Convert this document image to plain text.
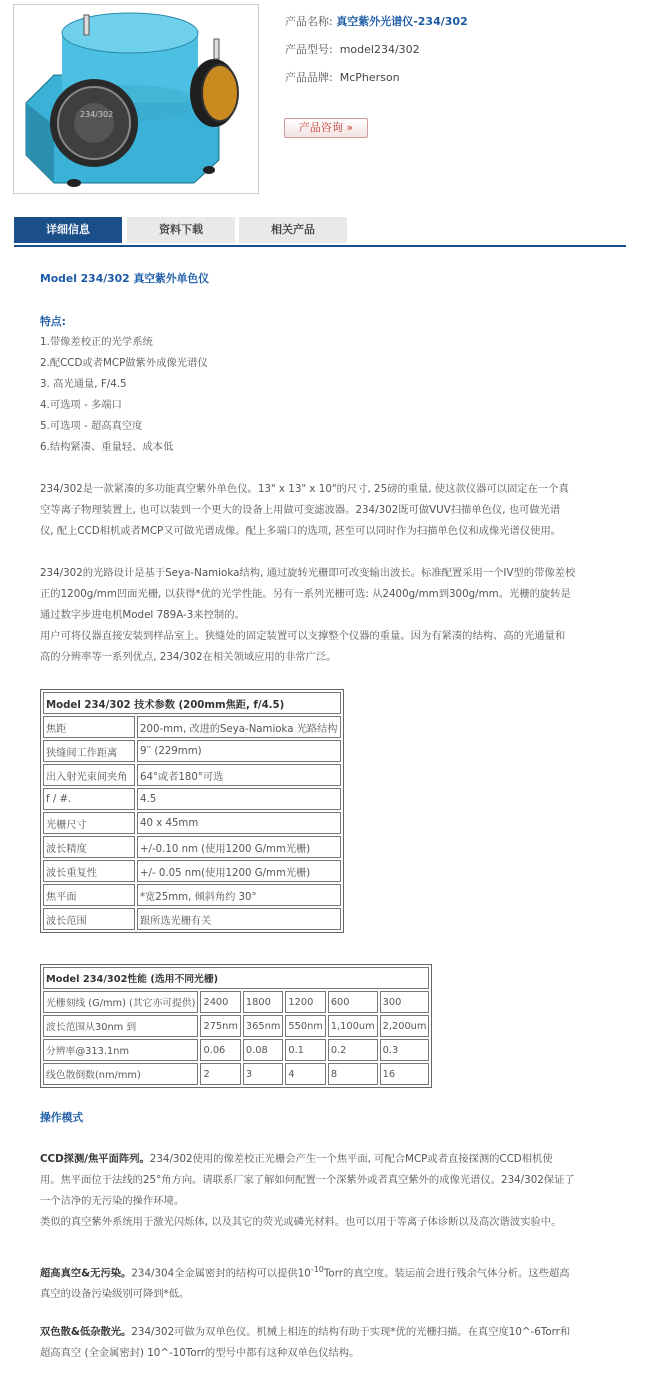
234/302
产品名称: 真空紫外光谱仪-234/302
产品型号: model234/302
产品品牌: McPherson
产品咨询 »
详细信息	资料下载	相关产品
Model 234/302 真空紫外单色仪
特点:
1.带像差校正的光学系统
2.配CCD或者MCP做紫外成像光谱仪
3. 高光通量, F/4.5
4.可选项 - 多端口
5.可选项 - 超高真空度
6.结构紧凑、重量轻、成本低
234/302是一款紧凑的多功能真空紫外单色仪。13" x 13" x 10"的尺寸, 25磅的重量, 使这款仪器可以固定在一个真
空等离子物理装置上, 也可以装到一个更大的设备上用做可变滤波器。234/302既可做VUV扫描单色仪, 也可做光谱
仪, 配上CCD相机或者MCP又可做光谱成像。配上多端口的选项, 甚至可以同时作为扫描单色仪和成像光谱仪使用。
234/302的光路设计是基于Seya-Namioka结构, 通过旋转光栅即可改变输出波长。标准配置采用一个IV型的带像差校
正的1200g/mm凹面光栅, 以获得*优的光学性能。另有一系列光栅可选: 从2400g/mm到300g/mm。光栅的旋转是
通过数字步进电机Model 789A-3来控制的。
用户可将仪器直接安装到样品室上。狭缝处的固定装置可以支撑整个仪器的重量。因为有紧凑的结构、高的光通量和
高的分辨率等一系列优点, 234/302在相关领域应用的非常广泛。
Model 234/302 技术参数 (200mm焦距, f/4.5)	
焦距	200-mm, 改进的Seya-Namioka 光路结构
狭缝间工作距离	9′′ (229mm)
出入射光束间夹角	64°或者180°可选
f / #.	4.5
光栅尺寸	40 x 45mm
波长精度	+/-0.10 nm (使用1200 G/mm光栅)
波长重复性	+/- 0.05 nm(使用1200 G/mm光栅)
焦平面	*宽25mm, 倾斜角约 30°
波长范围	跟所选光栅有关
Model 234/302性能 (选用不同光栅)					
光栅刻线 (G/mm) (其它亦可提供)	2400	1800	1200	600	300
波长范围从30nm 到	275nm	365nm	550nm	1,100um	2,200um
分辨率@313.1nm	0.06	0.08	0.1	0.2	0.3
线色散倒数(nm/mm)	2	3	4	8	16
操作模式
CCD探测/焦平面阵列。234/302使用的像差校正光栅会产生一个焦平面, 可配合MCP或者直接探测的CCD相机使
用。焦平面位于法线的25°角方向。请联系厂家了解如何配置一个深紫外或者真空紫外的成像光谱仪。234/302保证了
一个洁净的无污染的操作环境。
类似的真空紫外系统用于激光闪烁体, 以及其它的荧光或磷光材料。也可以用于等离子体诊断以及高次谐波实验中。
超高真空&无污染。234/304全金属密封的结构可以提供$10^{-10}Torr$的真空度。装运前会进行残余气体分析。这些超高
真空的设备污染级别可降到*低。
双色散&低杂散光。234/302可做为双单色仪。机械上相连的结构有助于实现*优的光栅扫描。在真空度10^-6Torr和
超高真空 (全金属密封) 10^-10Torr的型号中都有这种双单色仪结构。
